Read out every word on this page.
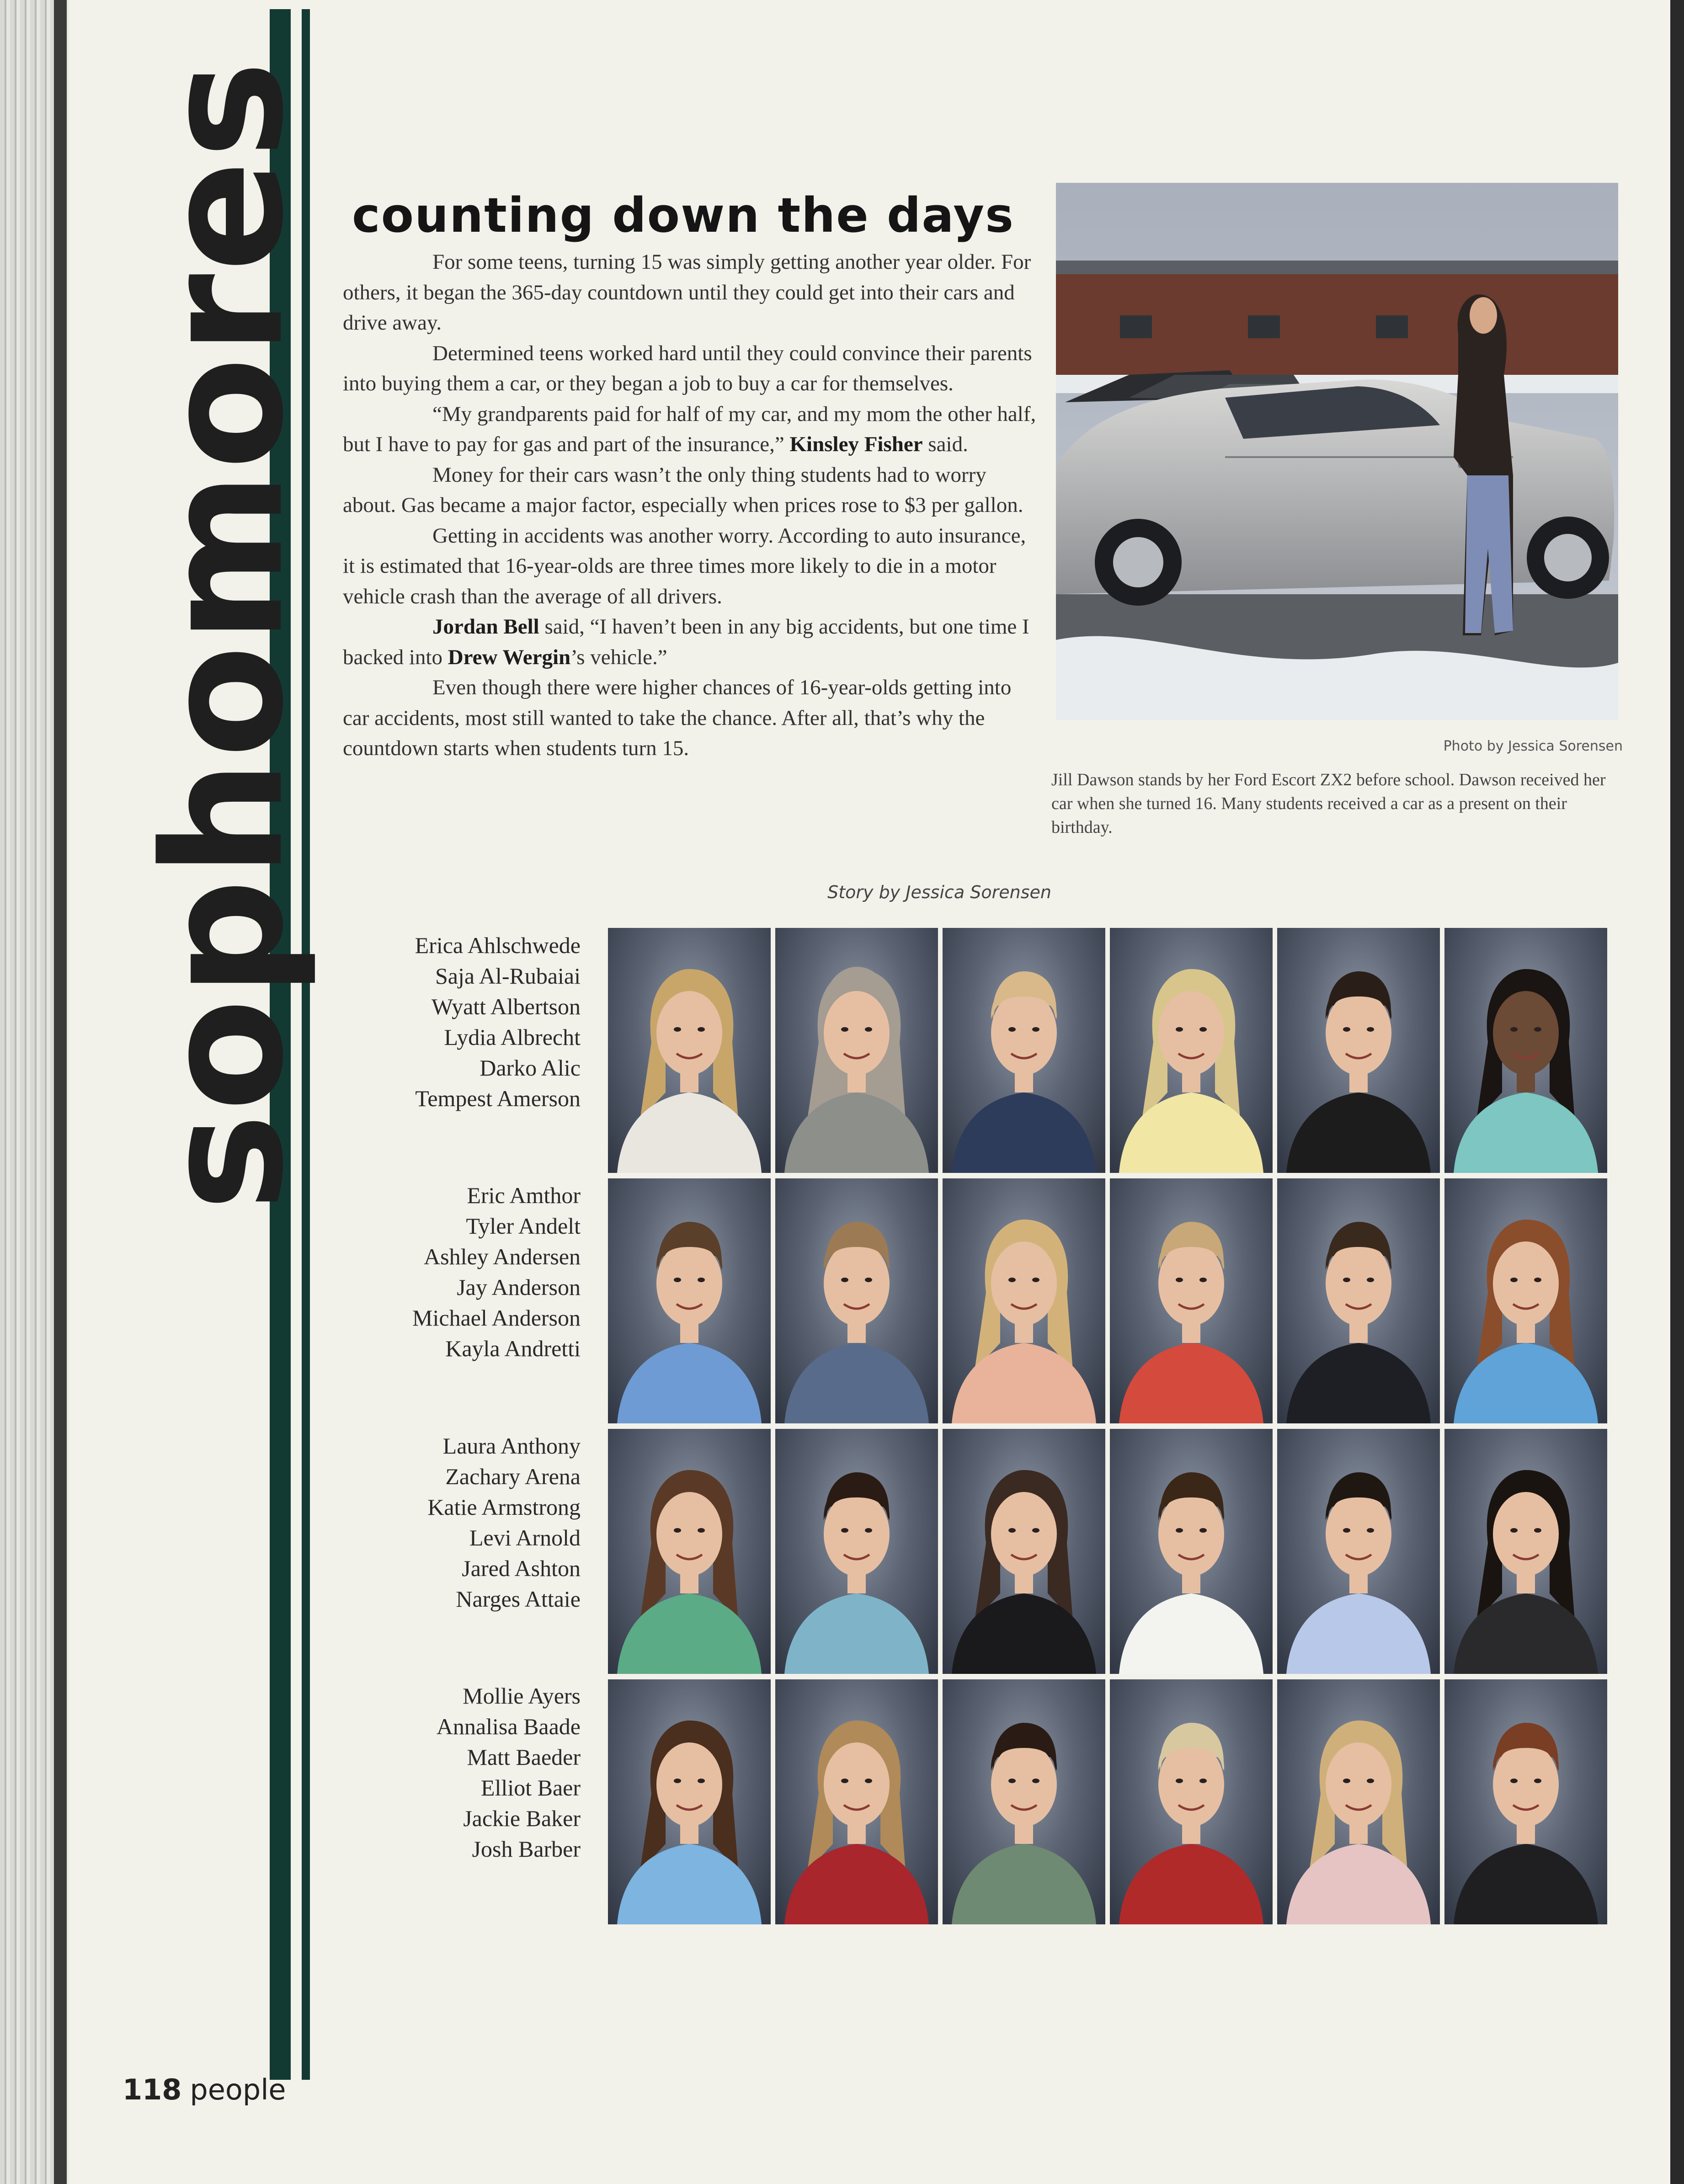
sophomores counting down the days

For some teens, turning 15 was simply getting another year older. For others, it began the 365-day countdown until they could get into their cars and drive away.

Determined teens worked hard until they could convince their parents into buying them a car, or they began a job to buy a car for themselves.

“My grandparents paid for half of my car, and my mom the other half, but I have to pay for gas and part of the insurance,” Kinsley Fisher said.

Money for their cars wasn’t the only thing students had to worry about. Gas became a major factor, especially when prices rose to $3 per gallon.

Getting in accidents was another worry. According to auto insurance, it is estimated that 16-year-olds are three times more likely to die in a motor vehicle crash than the average of all drivers.

Jordan Bell said, “I haven’t been in any big accidents, but one time I backed into Drew Wergin’s vehicle.”

Even though there were higher chances of 16-year-olds getting into car accidents, most still wanted to take the chance. After all, that’s why the countdown starts when students turn 15.

Story by Jessica Sorensen
Photo by Jessica Sorensen
Jill Dawson stands by her Ford Escort ZX2 before school. Dawson received her car when she turned 16. Many students received a car as a present on their birthday.
Erica Ahlschwede
Saja Al-Rubaiai
Wyatt Albertson
Lydia Albrecht
Darko Alic
Tempest Amerson
Eric Amthor
Tyler Andelt
Ashley Andersen
Jay Anderson
Michael Anderson
Kayla Andretti
Laura Anthony
Zachary Arena
Katie Armstrong
Levi Arnold
Jared Ashton
Narges Attaie
Mollie Ayers
Annalisa Baade
Matt Baeder
Elliot Baer
Jackie Baker
Josh Barber
118 people
